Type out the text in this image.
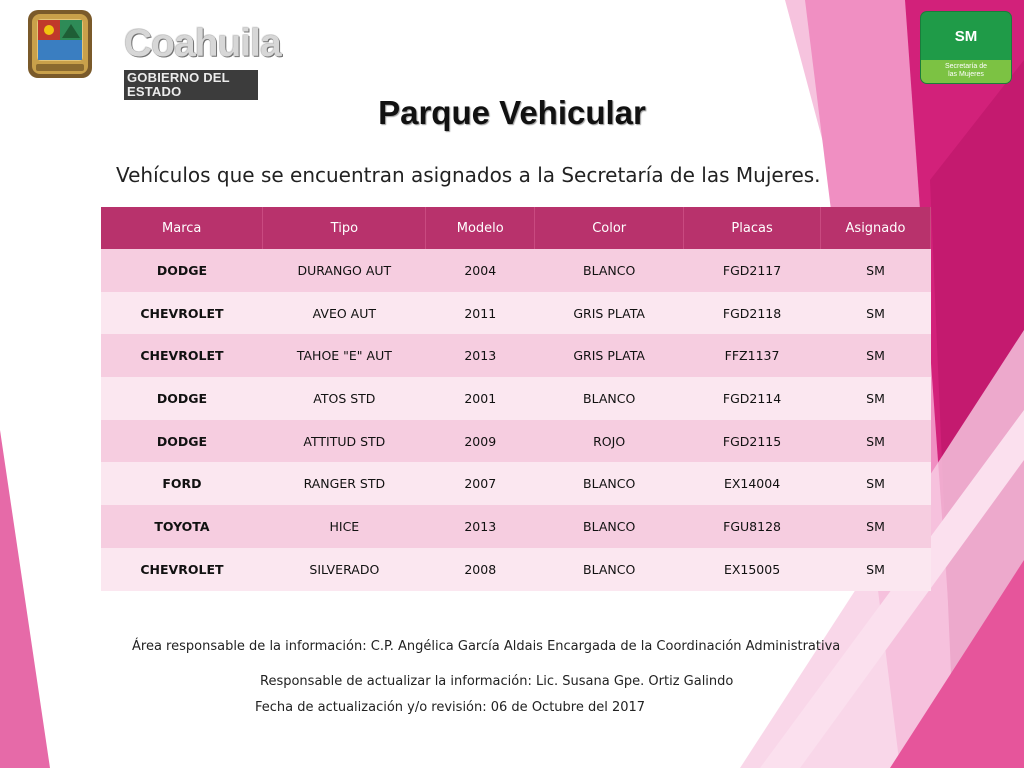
Coahuila
GOBIERNO DEL ESTADO
SM
Secretaría de
las Mujeres
Parque Vehicular
Vehículos que se encuentran asignados a la Secretaría de las Mujeres.
Marca	Tipo	Modelo	Color	Placas	Asignado
DODGE	DURANGO AUT	2004	BLANCO	FGD2117	SM
CHEVROLET	AVEO AUT	2011	GRIS PLATA	FGD2118	SM
CHEVROLET	TAHOE "E" AUT	2013	GRIS PLATA	FFZ1137	SM
DODGE	ATOS STD	2001	BLANCO	FGD2114	SM
DODGE	ATTITUD STD	2009	ROJO	FGD2115	SM
FORD	RANGER STD	2007	BLANCO	EX14004	SM
TOYOTA	HICE	2013	BLANCO	FGU8128	SM
CHEVROLET	SILVERADO	2008	BLANCO	EX15005	SM
Área responsable de la información: C.P. Angélica García Aldais Encargada de la Coordinación Administrativa
Responsable de actualizar la información: Lic. Susana Gpe. Ortiz Galindo
Fecha de actualización y/o revisión: 06 de Octubre del 2017
